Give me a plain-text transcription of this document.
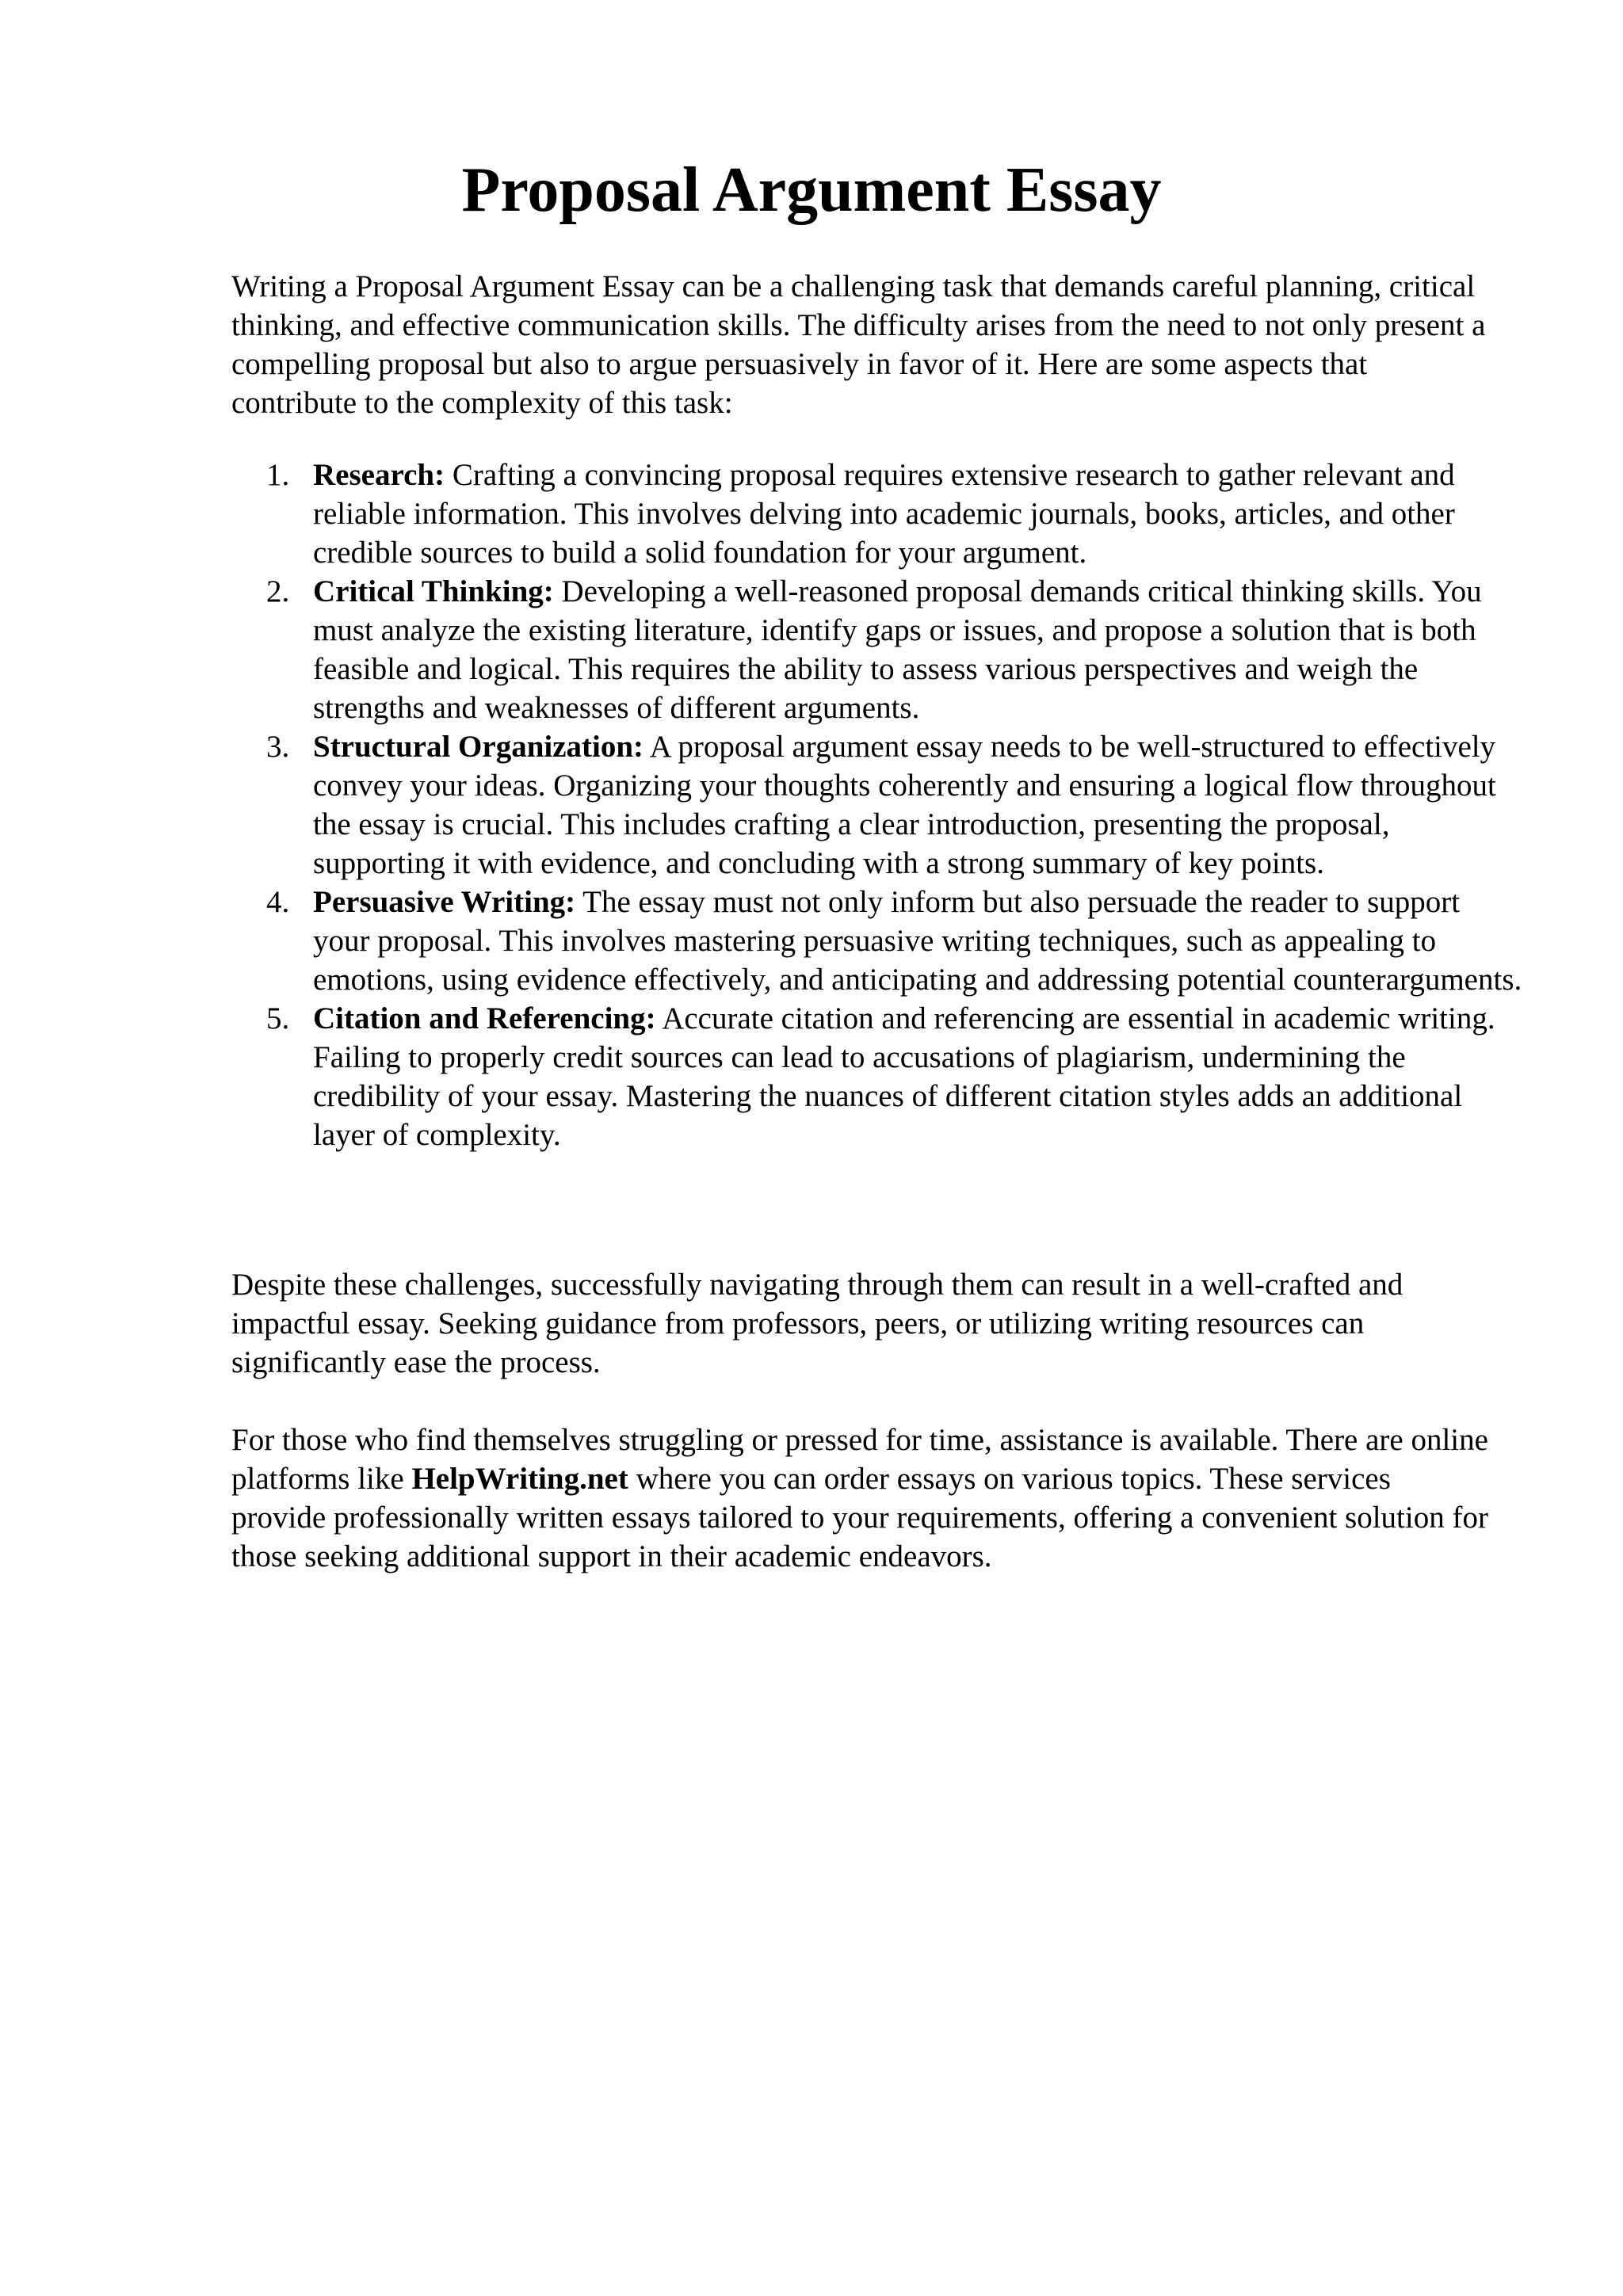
Proposal Argument Essay

Writing a Proposal Argument Essay can be a challenging task that demands careful planning, critical thinking, and effective communication skills. The difficulty arises from the need to not only present a compelling proposal but also to argue persuasively in favor of it. Here are some aspects that contribute to the complexity of this task:

1. Research: Crafting a convincing proposal requires extensive research to gather relevant and reliable information. This involves delving into academic journals, books, articles, and other credible sources to build a solid foundation for your argument.
2. Critical Thinking: Developing a well-reasoned proposal demands critical thinking skills. You must analyze the existing literature, identify gaps or issues, and propose a solution that is both feasible and logical. This requires the ability to assess various perspectives and weigh the strengths and weaknesses of different arguments.
3. Structural Organization: A proposal argument essay needs to be well-structured to effectively convey your ideas. Organizing your thoughts coherently and ensuring a logical flow throughout the essay is crucial. This includes crafting a clear introduction, presenting the proposal, supporting it with evidence, and concluding with a strong summary of key points.
4. Persuasive Writing: The essay must not only inform but also persuade the reader to support your proposal. This involves mastering persuasive writing techniques, such as appealing to emotions, using evidence effectively, and anticipating and addressing potential counterarguments.
5. Citation and Referencing: Accurate citation and referencing are essential in academic writing. Failing to properly credit sources can lead to accusations of plagiarism, undermining the credibility of your essay. Mastering the nuances of different citation styles adds an additional layer of complexity.

Despite these challenges, successfully navigating through them can result in a well-crafted and impactful essay. Seeking guidance from professors, peers, or utilizing writing resources can significantly ease the process.

For those who find themselves struggling or pressed for time, assistance is available. There are online platforms like HelpWriting.net where you can order essays on various topics. These services provide professionally written essays tailored to your requirements, offering a convenient solution for those seeking additional support in their academic endeavors.
